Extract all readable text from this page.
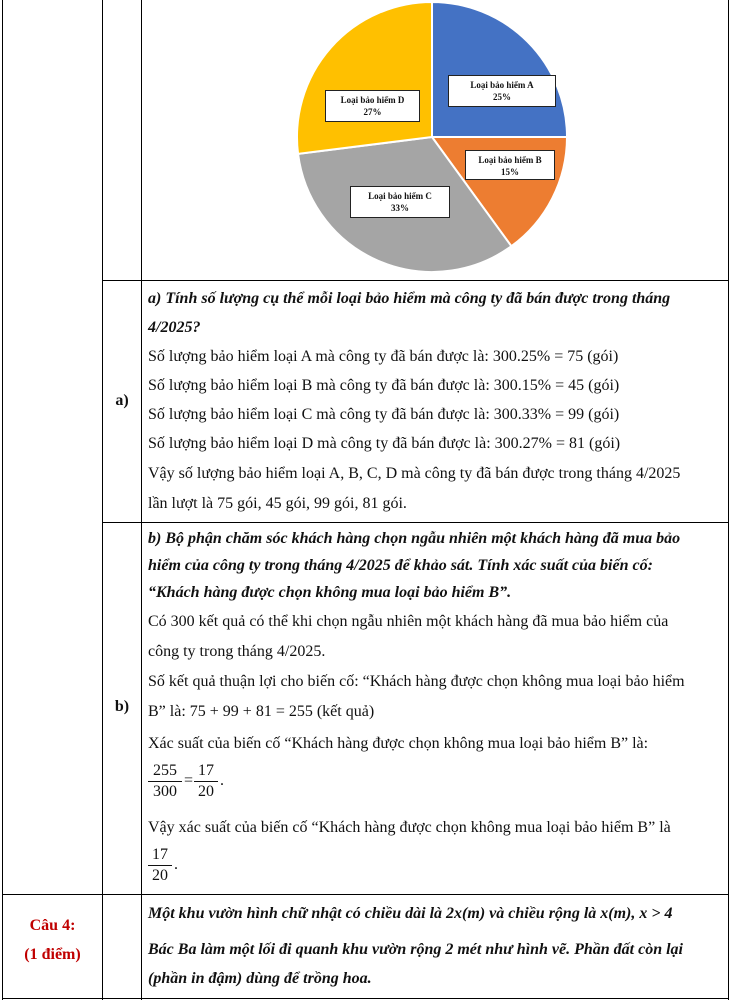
a)
a) Tính số lượng cụ thể mỗi loại bảo hiểm mà công ty đã bán được trong tháng
4/2025?
Số lượng bảo hiểm loại A mà công ty đã bán được là: 300.25% = 75 (gói)
Số lượng bảo hiểm loại B mà công ty đã bán được là: 300.15% = 45 (gói)
Số lượng bảo hiểm loại C mà công ty đã bán được là: 300.33% = 99 (gói)
Số lượng bảo hiểm loại D mà công ty đã bán được là: 300.27% = 81 (gói)
Vậy số lượng bảo hiểm loại A, B, C, D mà công ty đã bán được trong tháng 4/2025
lần lượt là 75 gói, 45 gói, 99 gói, 81 gói.
b)
b) Bộ phận chăm sóc khách hàng chọn ngẫu nhiên một khách hàng đã mua bảo
hiểm của công ty trong tháng 4/2025 để khảo sát. Tính xác suất của biến cố:
“Khách hàng được chọn không mua loại bảo hiểm B”.
Có 300 kết quả có thể khi chọn ngẫu nhiên một khách hàng đã mua bảo hiểm của
công ty trong tháng 4/2025.
Số kết quả thuận lợi cho biến cố: “Khách hàng được chọn không mua loại bảo hiểm
B” là: 75 + 99 + 81 = 255 (kết quả)
Xác suất của biến cố “Khách hàng được chọn không mua loại bảo hiểm B” là:
255
300
=
17
20
.
Vậy xác suất của biến cố “Khách hàng được chọn không mua loại bảo hiểm B” là
17
20
.
Câu 4:
(1 điểm)
Một khu vườn hình chữ nhật có chiều dài là 2x(m) và chiều rộng là x(m), x > 4
Bác Ba làm một lối đi quanh khu vườn rộng 2 mét như hình vẽ. Phần đất còn lại
(phần in đậm) dùng để trồng hoa.
Loại bảo hiểm A
25%
Loại bảo hiểm B
15%
Loại bảo hiểm C
33%
Loại bảo hiểm D
27%
